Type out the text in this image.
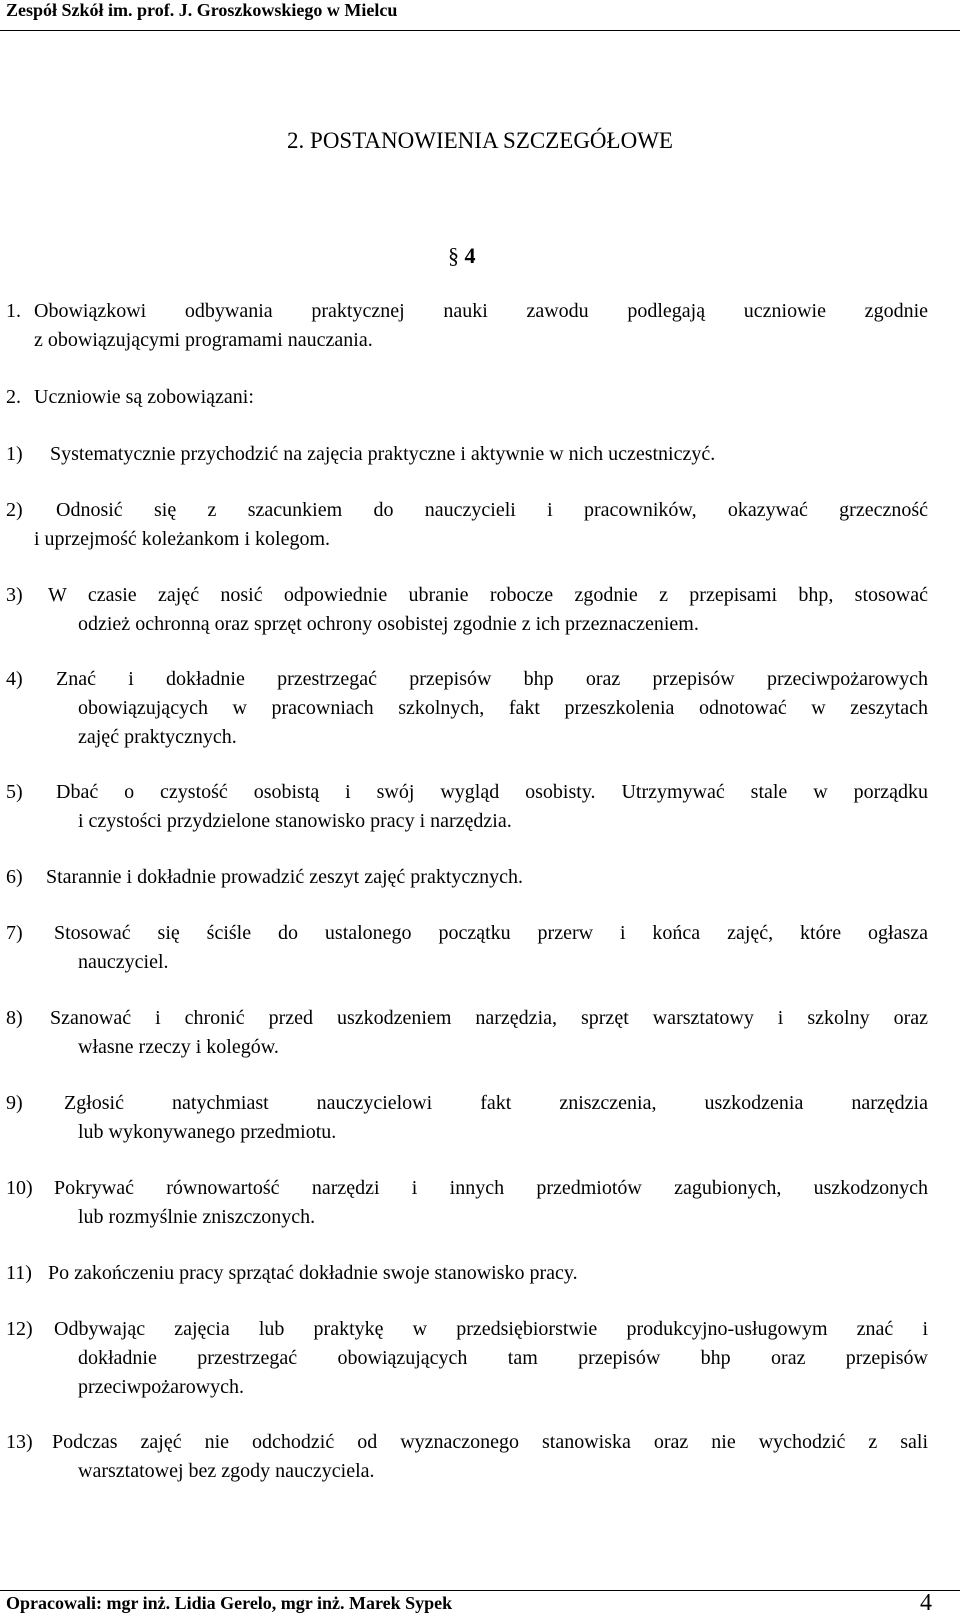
Zespół Szkół im. prof. J. Groszkowskiego w Mielcu
2. POSTANOWIENIA SZCZEGÓŁOWE
§ 4
1. Obowiązkowi odbywania praktycznej nauki zawodu podlegają uczniowie zgodnie
z obowiązującymi programami nauczania.
2. Uczniowie są zobowiązani:
1)	Systematycznie przychodzić na zajęcia praktyczne i aktywnie w nich uczestniczyć.
2)	Odnosić się z szacunkiem do nauczycieli i pracowników, okazywać grzeczność
i uprzejmość koleżankom i kolegom.
3)	W czasie zajęć nosić odpowiednie ubranie robocze zgodnie z przepisami bhp, stosować
odzież ochronną oraz sprzęt ochrony osobistej zgodnie z ich przeznaczeniem.
4)	Znać i dokładnie przestrzegać przepisów bhp oraz przepisów przeciwpożarowych
obowiązujących w pracowniach szkolnych, fakt przeszkolenia odnotować w zeszytach
zajęć praktycznych.
5)	Dbać o czystość osobistą i swój wygląd osobisty. Utrzymywać stale w porządku
i czystości przydzielone stanowisko pracy i narzędzia.
6)	Starannie i dokładnie prowadzić zeszyt zajęć praktycznych.
7)	Stosować się ściśle do ustalonego początku przerw i końca zajęć, które ogłasza
nauczyciel.
8)	Szanować i chronić przed uszkodzeniem narzędzia, sprzęt warsztatowy i szkolny oraz
własne rzeczy i kolegów.
9)	Zgłosić natychmiast nauczycielowi fakt zniszczenia, uszkodzenia narzędzia
lub wykonywanego przedmiotu.
10)	Pokrywać równowartość narzędzi i innych przedmiotów zagubionych, uszkodzonych
lub rozmyślnie zniszczonych.
11) Po zakończeniu pracy sprzątać dokładnie swoje stanowisko pracy.
12)	Odbywając zajęcia lub praktykę w przedsiębiorstwie produkcyjno-usługowym znać i
dokładnie przestrzegać obowiązujących tam przepisów bhp oraz przepisów
przeciwpożarowych.
13) Podczas zajęć nie odchodzić od wyznaczonego stanowiska oraz nie wychodzić z sali
warsztatowej bez zgody nauczyciela.
Opracowali: mgr inż. Lidia Gerelo, mgr inż. Marek Sypek	4
